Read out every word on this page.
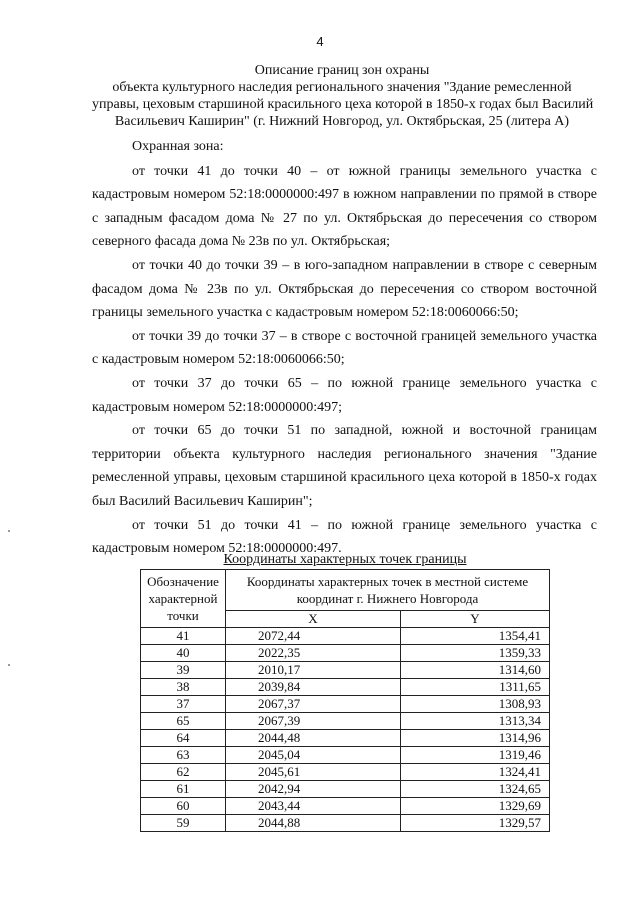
4
Описание границ зон охраны
объекта культурного наследия регионального значения "Здание ремесленной
управы, цеховым старшиной красильного цеха которой в 1850-х годах был Василий
Васильевич Каширин" (г. Нижний Новгород, ул. Октябрьская, 25 (литера А)
Охранная зона:
от точки 41 до точки 40 – от южной границы земельного участка с кадастровым номером 52:18:0000000:497 в южном направлении по прямой в створе с западным фасадом дома № 27 по ул. Октябрьская до пересечения со створом северного фасада дома № 23в по ул. Октябрьская;
от точки 40 до точки 39 – в юго-западном направлении в створе с северным фасадом дома № 23в по ул. Октябрьская до пересечения со створом восточной границы земельного участка с кадастровым номером 52:18:0060066:50;
от точки 39 до точки 37 – в створе с восточной границей земельного участка с кадастровым номером 52:18:0060066:50;
от точки 37 до точки 65 – по южной границе земельного участка с кадастровым номером 52:18:0000000:497;
от точки 65 до точки 51 по западной, южной и восточной границам территории объекта культурного наследия регионального значения "Здание ремесленной управы, цеховым старшиной красильного цеха которой в 1850-х годах был Василий Васильевич Каширин";
от точки 51 до точки 41 – по южной границе земельного участка с кадастровым номером 52:18:0000000:497.
Координаты характерных точек границы
Обозначение характерной точки	Координаты характерных точек в местной системе координат г. Нижнего Новгорода	
	X	Y
41	2072,44	1354,41
40	2022,35	1359,33
39	2010,17	1314,60
38	2039,84	1311,65
37	2067,37	1308,93
65	2067,39	1313,34
64	2044,48	1314,96
63	2045,04	1319,46
62	2045,61	1324,41
61	2042,94	1324,65
60	2043,44	1329,69
59	2044,88	1329,57
